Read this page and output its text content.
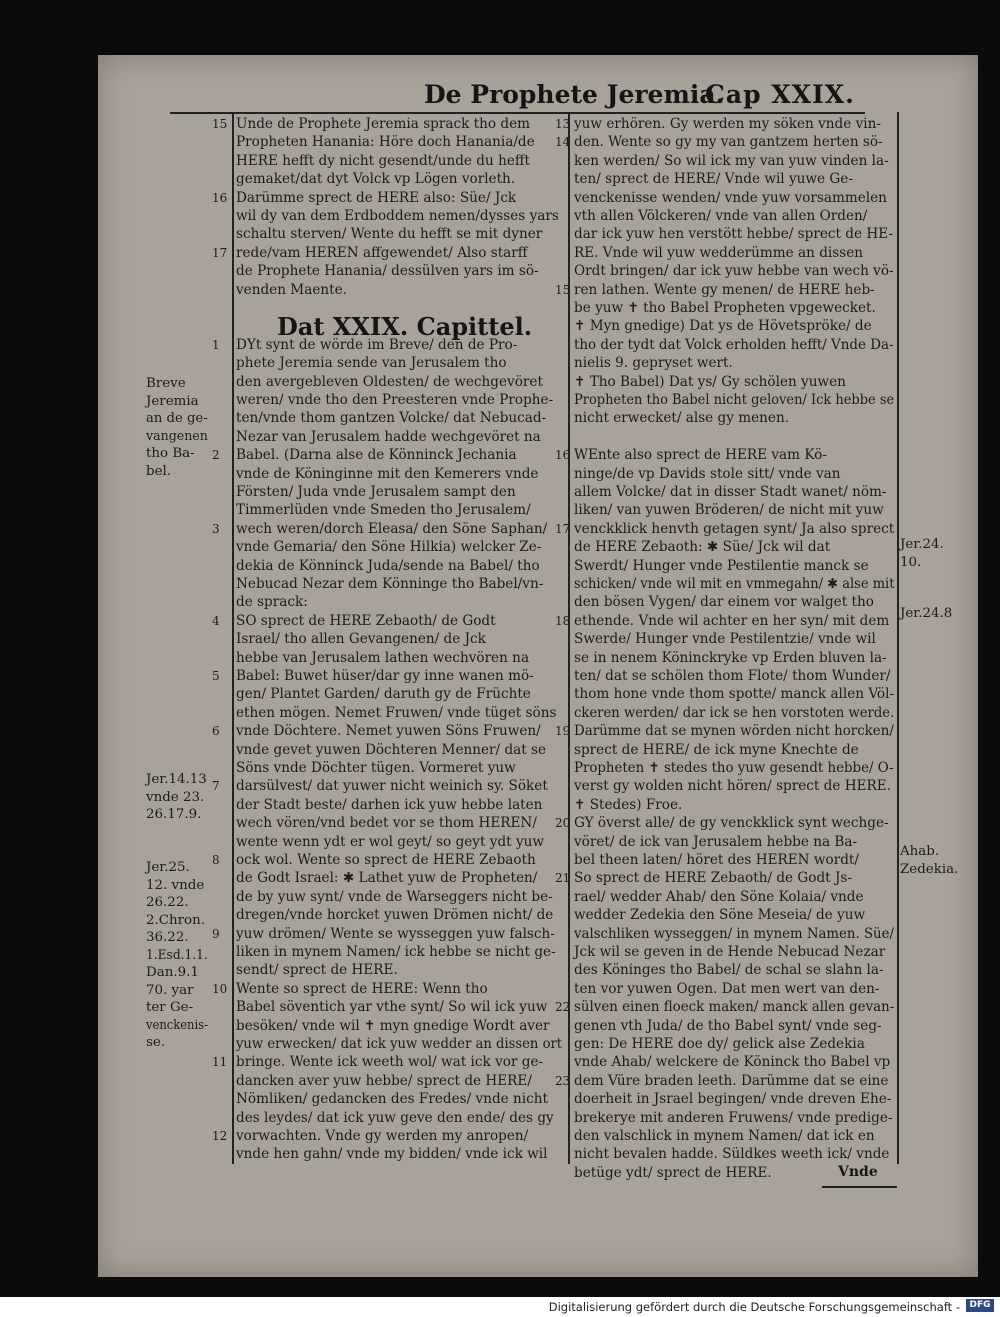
De Prophete Jeremia.
Cap XXIX.
Dat XXIX. Capittel.
15 Unde de Prophete Jeremia sprack tho dem
Propheten Hanania: Höre doch Hanania/de
HERE hefft dy nicht gesendt/unde du hefft
gemaket/dat dyt Volck vp Lögen vorleth.
16 Darümme sprect de HERE also: Süe/ Jck
wil dy van dem Erdboddem nemen/dysses yars
schaltu sterven/ Wente du hefft se mit dyner
17 rede/vam HEREN affgewendet/ Also starff
de Prophete Hanania/ dessülven yars im sö-
venden Maente.
1 DYt synt de wörde im Breve/ den de Pro-
phete Jeremia sende van Jerusalem tho
den avergebleven Oldesten/ de wechgevöret
weren/ vnde tho den Preesteren vnde Prophe-
ten/vnde thom gantzen Volcke/ dat Nebucad-
Nezar van Jerusalem hadde wechgevöret na
2 Babel. (Darna alse de Könninck Jechania
vnde de Köninginne mit den Kemerers vnde
Försten/ Juda vnde Jerusalem sampt den
Timmerlüden vnde Smeden tho Jerusalem/
3 wech weren/dorch Eleasa/ den Söne Saphan/
vnde Gemaria/ den Söne Hilkia) welcker Ze-
dekia de Könninck Juda/sende na Babel/ tho
Nebucad Nezar dem Könninge tho Babel/vn-
de sprack:
4 SO sprect de HERE Zebaoth/ de Godt
Israel/ tho allen Gevangenen/ de Jck
hebbe van Jerusalem lathen wechvören na
5 Babel: Buwet hüser/dar gy inne wanen mö-
gen/ Plantet Garden/ daruth gy de Früchte
ethen mögen. Nemet Fruwen/ vnde tüget söns
6 vnde Döchtere. Nemet yuwen Söns Fruwen/
vnde gevet yuwen Döchteren Menner/ dat se
Söns vnde Döchter tügen. Vormeret yuw
7 darsülvest/ dat yuwer nicht weinich sy. Söket
der Stadt beste/ darhen ick yuw hebbe laten
wech vören/vnd bedet vor se thom HEREN/
wente wenn ydt er wol geyt/ so geyt ydt yuw
8 ock wol. Wente so sprect de HERE Zebaoth
de Godt Israel: ✱ Lathet yuw de Propheten/
de by yuw synt/ vnde de Warseggers nicht be-
dregen/vnde horcket yuwen Drömen nicht/ de
9 yuw drömen/ Wente se wysseggen yuw falsch-
liken in mynem Namen/ ick hebbe se nicht ge-
sendt/ sprect de HERE.
10 Wente so sprect de HERE: Wenn tho
Babel söventich yar vthe synt/ So wil ick yuw
besöken/ vnde wil ✝ myn gnedige Wordt aver
yuw erwecken/ dat ick yuw wedder an dissen ort
11 bringe. Wente ick weeth wol/ wat ick vor ge-
dancken aver yuw hebbe/ sprect de HERE/
Nömliken/ gedancken des Fredes/ vnde nicht
des leydes/ dat ick yuw geve den ende/ des gy
12 vorwachten. Vnde gy werden my anropen/
vnde hen gahn/ vnde my bidden/ vnde ick wil
13 yuw erhören. Gy werden my söken vnde vin-
14 den. Wente so gy my van gantzem herten sö-
ken werden/ So wil ick my van yuw vinden la-
ten/ sprect de HERE/ Vnde wil yuwe Ge-
venckenisse wenden/ vnde yuw vorsammelen
vth allen Völckeren/ vnde van allen Orden/
dar ick yuw hen verstött hebbe/ sprect de HE-
RE. Vnde wil yuw wedderümme an dissen
Ordt bringen/ dar ick yuw hebbe van wech vö-
15 ren lathen. Wente gy menen/ de HERE heb-
be yuw ✝ tho Babel Propheten vpgewecket.
✝ Myn gnedige) Dat ys de Hövetspröke/ de
tho der tydt dat Volck erholden hefft/ Vnde Da-
nielis 9. gepryset wert.
✝ Tho Babel) Dat ys/ Gy schölen yuwen
Propheten tho Babel nicht geloven/ Ick hebbe se
nicht erwecket/ alse gy menen.
16 WEnte also sprect de HERE vam Kö-
ninge/de vp Davids stole sitt/ vnde van
allem Volcke/ dat in disser Stadt wanet/ nöm-
liken/ van yuwen Bröderen/ de nicht mit yuw
17 venckklick henvth getagen synt/ Ja also sprect
de HERE Zebaoth: ✱ Süe/ Jck wil dat
Swerdt/ Hunger vnde Pestilentie manck se
schicken/ vnde wil mit en vmmegahn/ ✱ alse mit
den bösen Vygen/ dar einem vor walget tho
18 ethende. Vnde wil achter en her syn/ mit dem
Swerde/ Hunger vnde Pestilentzie/ vnde wil
se in nenem Köninckryke vp Erden bluven la-
ten/ dat se schölen thom Flote/ thom Wunder/
thom hone vnde thom spotte/ manck allen Völ-
ckeren werden/ dar ick se hen vorstoten werde.
19 Darümme dat se mynen wörden nicht horcken/
sprect de HERE/ de ick myne Knechte de
Propheten ✝ stedes tho yuw gesendt hebbe/ O-
verst gy wolden nicht hören/ sprect de HERE.
✝ Stedes) Froe.
20 GY överst alle/ de gy venckklick synt wechge-
vöret/ de ick van Jerusalem hebbe na Ba-
bel theen laten/ höret des HEREN wordt/
21 So sprect de HERE Zebaoth/ de Godt Js-
rael/ wedder Ahab/ den Söne Kolaia/ vnde
wedder Zedekia den Söne Meseia/ de yuw
valschliken wysseggen/ in mynem Namen. Süe/
Jck wil se geven in de Hende Nebucad Nezar
des Köninges tho Babel/ de schal se slahn la-
ten vor yuwen Ogen. Dat men wert van den-
22 sülven einen floeck maken/ manck allen gevan-
genen vth Juda/ de tho Babel synt/ vnde seg-
gen: De HERE doe dy/ gelick alse Zedekia
vnde Ahab/ welckere de Köninck tho Babel vp
23 dem Vüre braden leeth. Darümme dat se eine
doerheit in Jsrael begingen/ vnde dreven Ehe-
brekerye mit anderen Fruwens/ vnde predige-
den valschlick in mynem Namen/ dat ick en
nicht bevalen hadde. Süldkes weeth ick/ vnde
betüge ydt/ sprect de HERE.
Breve
Jeremia
an de ge-
vangenen
tho Ba-
bel.
Jer.14.13
vnde 23.
26.17.9.
Jer.25.
12. vnde
26.22.
2.Chron.
36.22.
1.Esd.1.1.
Dan.9.1
70. yar
ter Ge-
venckenis-
se.
Jer.24.
10.
Jer.24.8
Ahab.
Zedekia.
Vnde
Digitalisierung gefördert durch die Deutsche Forschungsgemeinschaft -	DFG
